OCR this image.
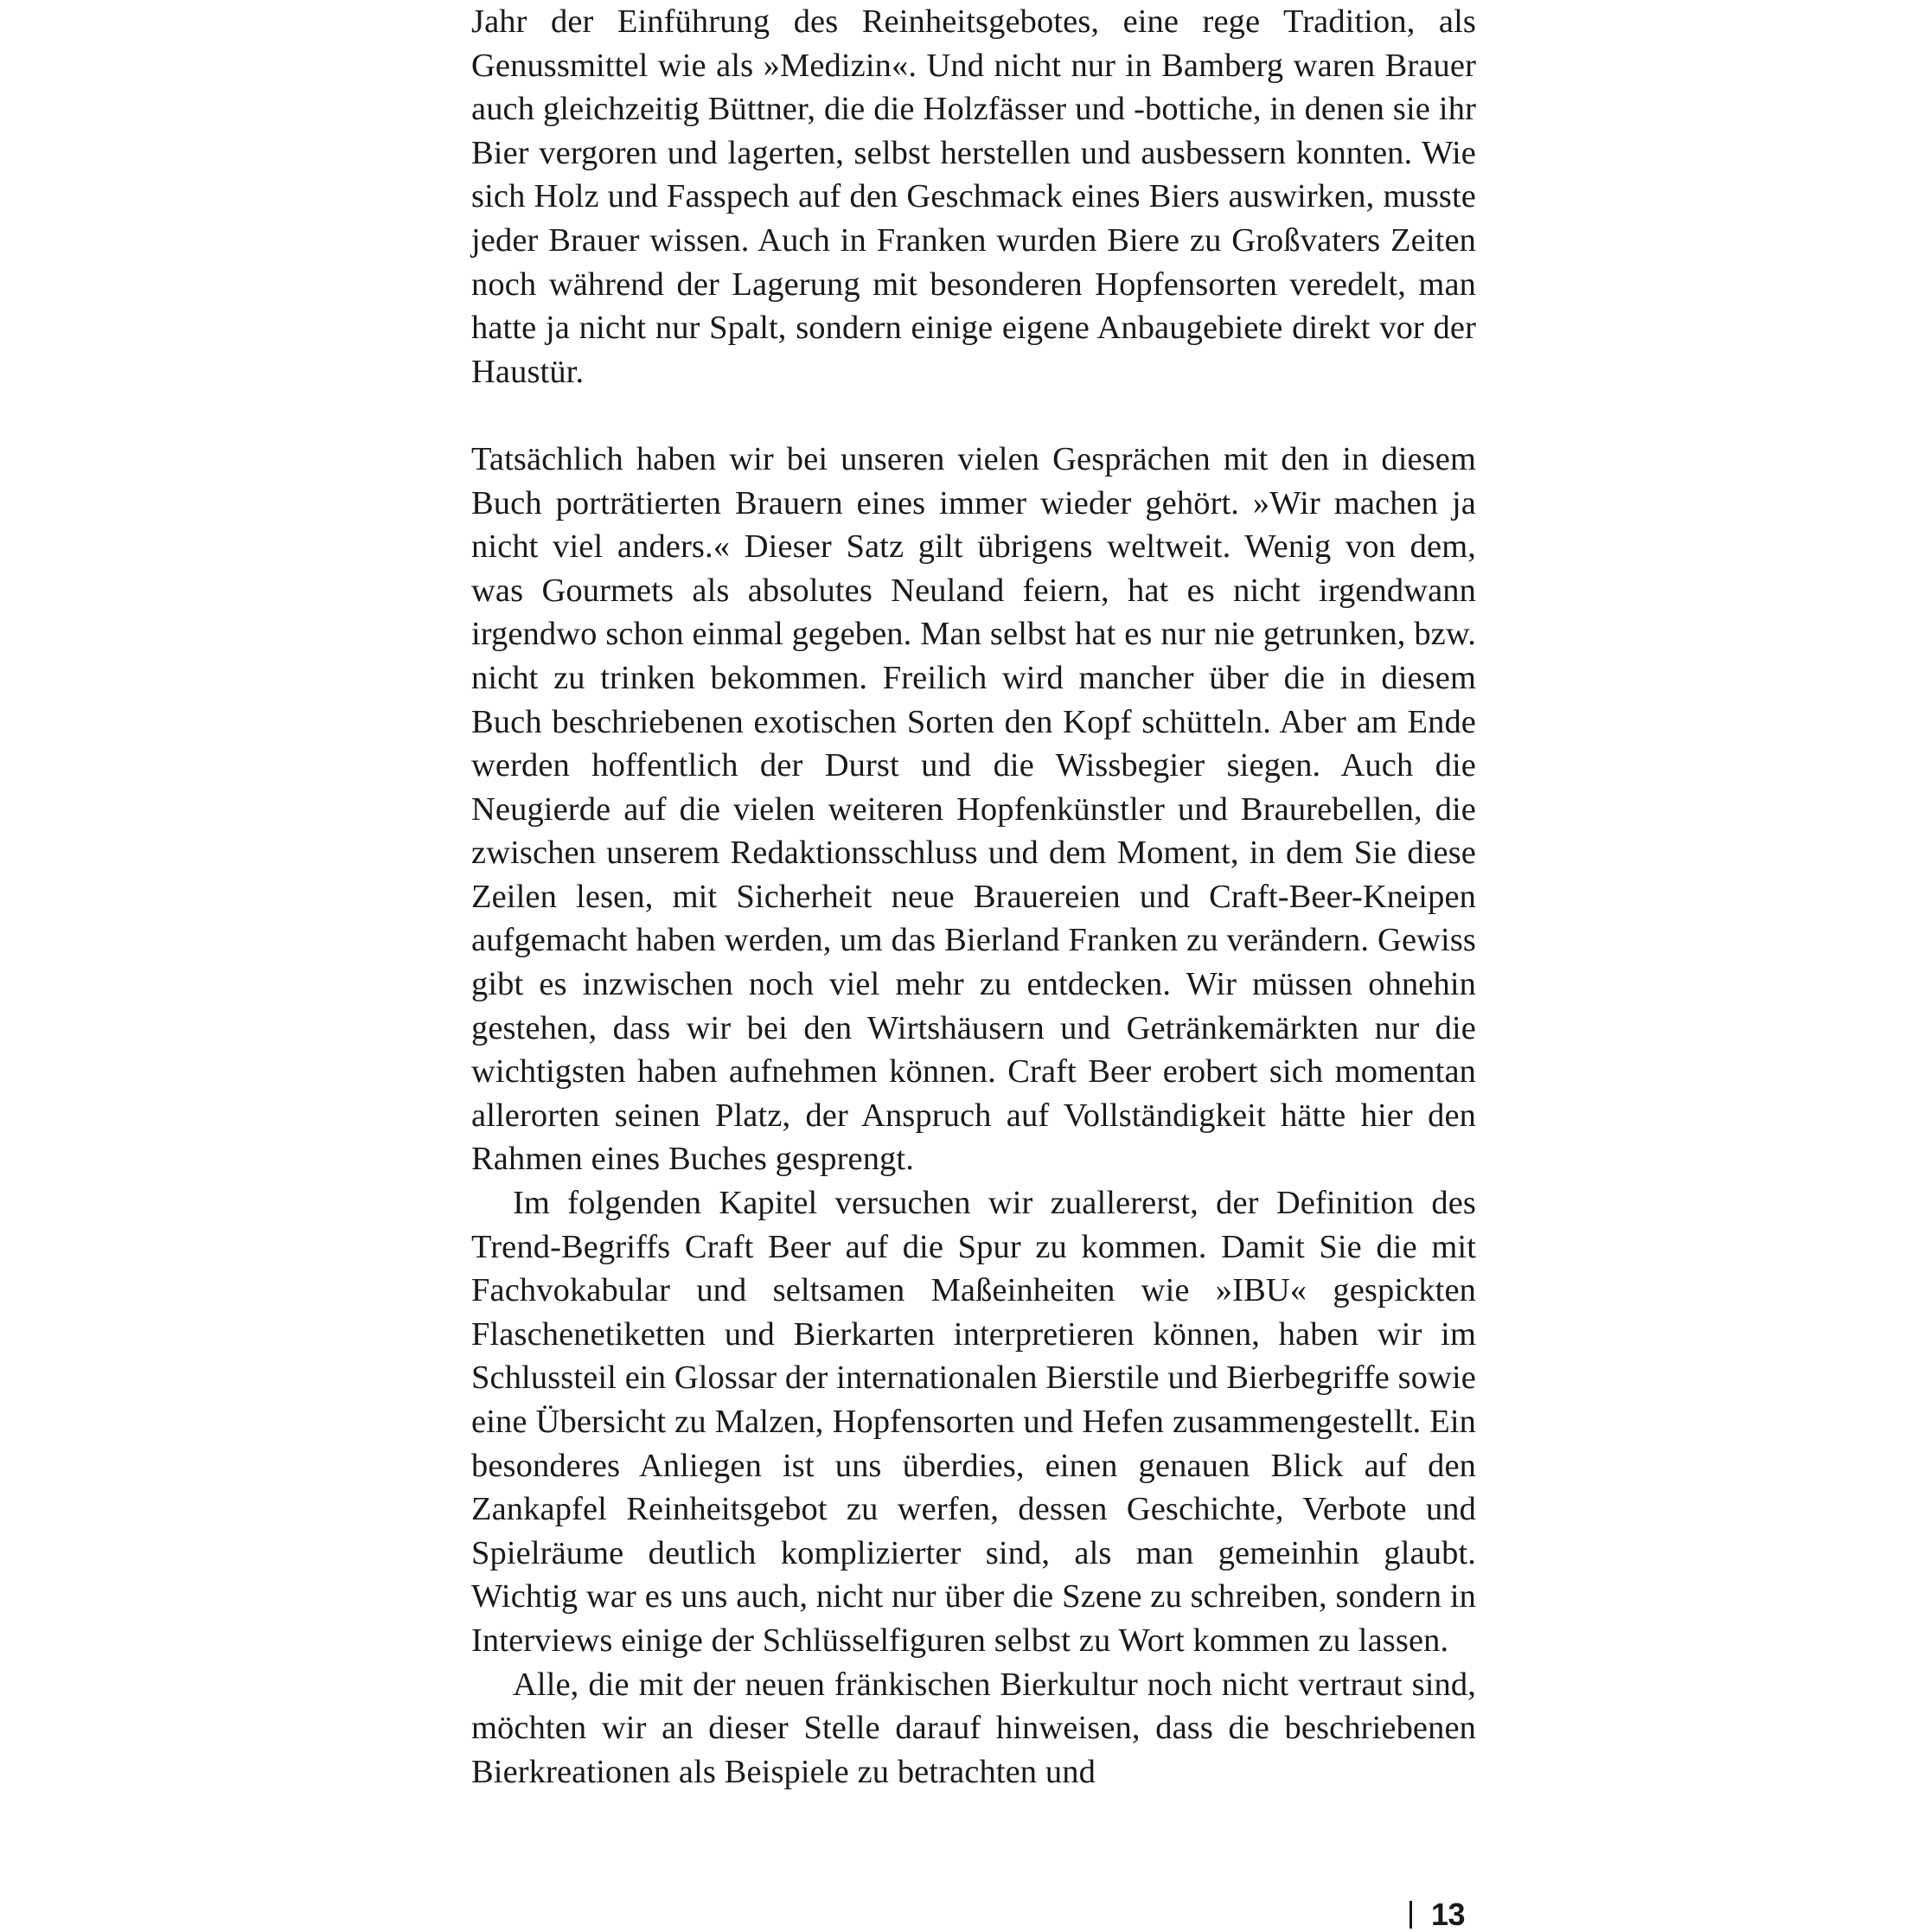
Jahr der Einführung des Reinheitsgebotes, eine rege Tradition, als Genussmittel wie als »Medizin«. Und nicht nur in Bamberg waren Brauer auch gleichzeitig Büttner, die die Holzfässer und -bottiche, in denen sie ihr Bier vergoren und lagerten, selbst herstellen und ausbessern konnten. Wie sich Holz und Fasspech auf den Geschmack eines Biers auswirken, musste jeder Brauer wissen. Auch in Franken wurden Biere zu Großvaters Zeiten noch während der Lagerung mit besonderen Hopfensorten veredelt, man hatte ja nicht nur Spalt, sondern einige eigene Anbaugebiete direkt vor der Haustür.

Tatsächlich haben wir bei unseren vielen Gesprächen mit den in diesem Buch porträtierten Brauern eines immer wieder gehört. »Wir machen ja nicht viel anders.« Dieser Satz gilt übrigens weltweit. Wenig von dem, was Gourmets als absolutes Neuland feiern, hat es nicht irgendwann irgendwo schon einmal gegeben. Man selbst hat es nur nie getrunken, bzw. nicht zu trinken bekommen. Freilich wird mancher über die in diesem Buch beschriebenen exotischen Sorten den Kopf schütteln. Aber am Ende werden hoffentlich der Durst und die Wissbegier siegen. Auch die Neugierde auf die vielen weiteren Hopfenkünstler und Braurebellen, die zwischen unserem Redaktionsschluss und dem Moment, in dem Sie diese Zeilen lesen, mit Sicherheit neue Brauereien und Craft-Beer-Kneipen aufgemacht haben werden, um das Bierland Franken zu verändern. Gewiss gibt es inzwischen noch viel mehr zu entdecken. Wir müssen ohnehin gestehen, dass wir bei den Wirtshäusern und Getränkemärkten nur die wichtigsten haben aufnehmen können. Craft Beer erobert sich momentan allerorten seinen Platz, der Anspruch auf Vollständigkeit hätte hier den Rahmen eines Buches gesprengt.

Im folgenden Kapitel versuchen wir zuallererst, der Definition des Trend-Begriffs Craft Beer auf die Spur zu kommen. Damit Sie die mit Fachvokabular und seltsamen Maßeinheiten wie »IBU« gespickten Flaschenetiketten und Bierkarten interpretieren können, haben wir im Schlussteil ein Glossar der internationalen Bierstile und Bierbegriffe sowie eine Übersicht zu Malzen, Hopfensorten und Hefen zusammengestellt. Ein besonderes Anliegen ist uns überdies, einen genauen Blick auf den Zankapfel Reinheitsgebot zu werfen, dessen Geschichte, Verbote und Spielräume deutlich komplizierter sind, als man gemeinhin glaubt. Wichtig war es uns auch, nicht nur über die Szene zu schreiben, sondern in Interviews einige der Schlüsselfiguren selbst zu Wort kommen zu lassen.

Alle, die mit der neuen fränkischen Bierkultur noch nicht vertraut sind, möchten wir an dieser Stelle darauf hinweisen, dass die beschriebenen Bierkreationen als Beispiele zu betrachten und

13
